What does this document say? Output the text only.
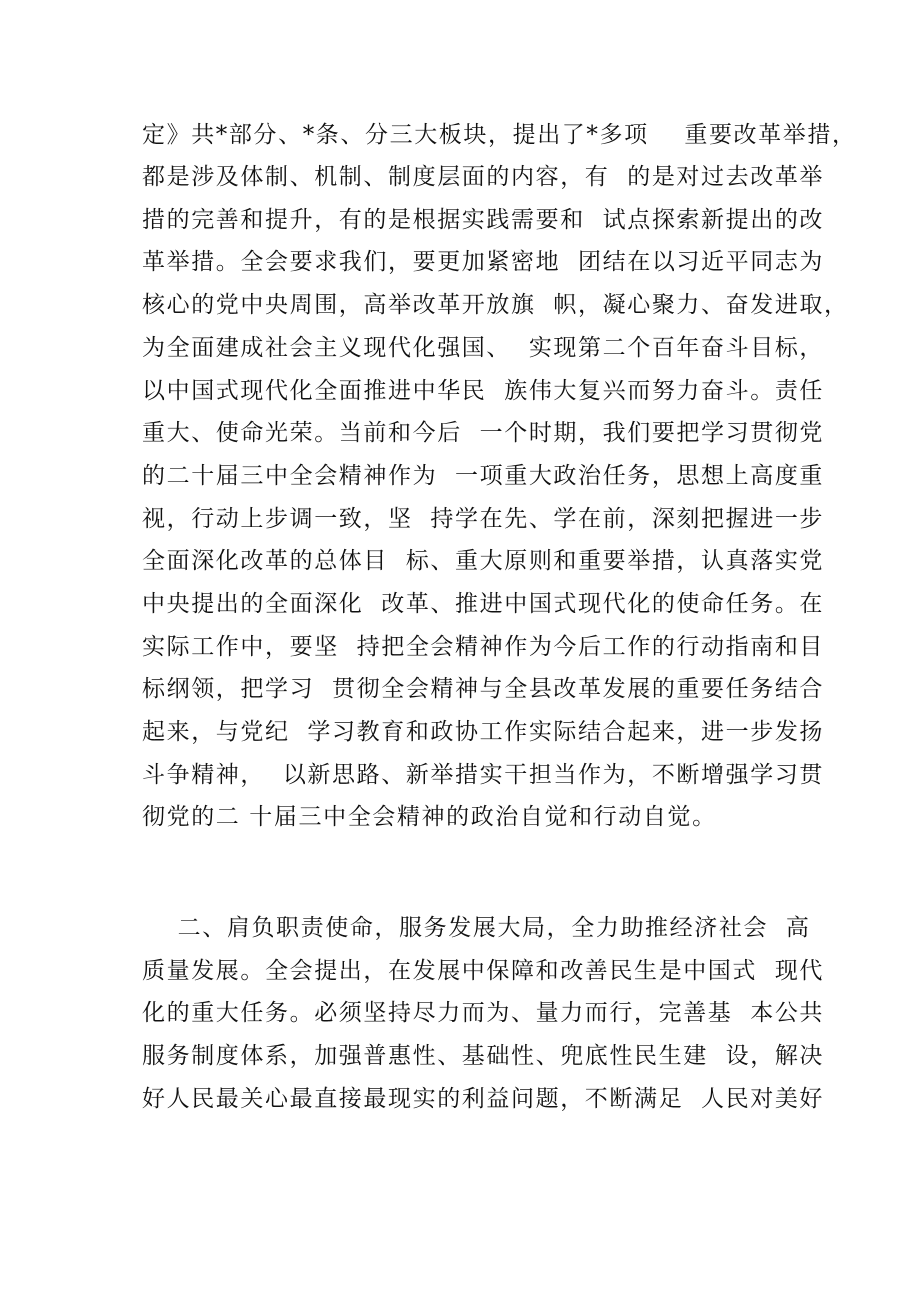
定》共*部分、*条、分三大板块，提出了*多项    重要改革举措，
都是涉及体制、机制、制度层面的内容，有  的是对过去改革举
措的完善和提升，有的是根据实践需要和  试点探索新提出的改
革举措。全会要求我们，要更加紧密地  团结在以习近平同志为
核心的党中央周围，高举改革开放旗  帜，凝心聚力、奋发进取，
为全面建成社会主义现代化强国、  实现第二个百年奋斗目标，
以中国式现代化全面推进中华民  族伟大复兴而努力奋斗。责任
重大、使命光荣。当前和今后  一个时期，我们要把学习贯彻党
的二十届三中全会精神作为  一项重大政治任务，思想上高度重
视，行动上步调一致，坚  持学在先、学在前，深刻把握进一步
全面深化改革的总体目  标、重大原则和重要举措，认真落实党
中央提出的全面深化  改革、推进中国式现代化的使命任务。在
实际工作中，要坚  持把全会精神作为今后工作的行动指南和目
标纲领，把学习  贯彻全会精神与全县改革发展的重要任务结合
起来，与党纪  学习教育和政协工作实际结合起来，进一步发扬
斗争精神，  以新思路、新举措实干担当作为，不断增强学习贯
彻党的二 十届三中全会精神的政治自觉和行动自觉。
二、肩负职责使命，服务发展大局，全力助推经济社会  高
质量发展。全会提出，在发展中保障和改善民生是中国式  现代
化的重大任务。必须坚持尽力而为、量力而行，完善基  本公共
服务制度体系，加强普惠性、基础性、兜底性民生建  设，解决
好人民最关心最直接最现实的利益问题，不断满足  人民对美好
